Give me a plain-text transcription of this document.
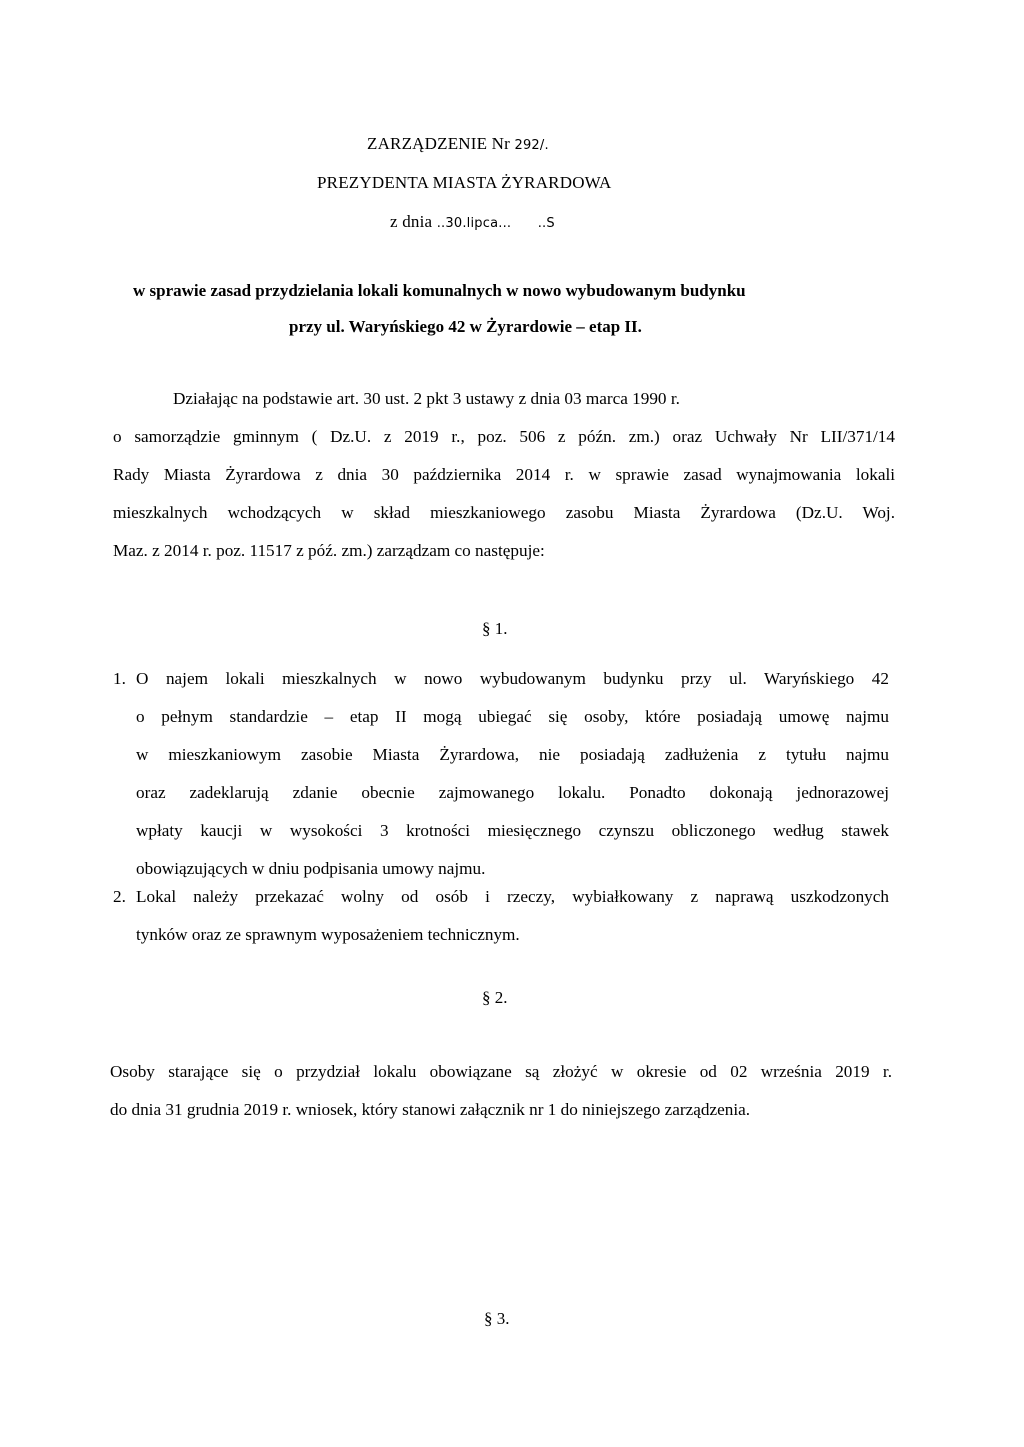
ZARZĄDZENIE Nr 292/.
PREZYDENTA MIASTA ŻYRARDOWA
z dnia ..30.lipca... ..S
w sprawie zasad przydzielania lokali komunalnych w nowo wybudowanym budynku
przy ul. Waryńskiego 42 w Żyrardowie – etap II.
Działając na podstawie art. 30 ust. 2 pkt 3 ustawy z dnia 03 marca 1990 r.
o samorządzie gminnym ( Dz.U. z 2019 r., poz. 506 z późn. zm.) oraz Uchwały Nr LII/371/14
Rady Miasta Żyrardowa z dnia 30 października 2014 r. w sprawie zasad wynajmowania lokali
mieszkalnych wchodzących w skład mieszkaniowego zasobu Miasta Żyrardowa (Dz.U. Woj.
Maz. z 2014 r. poz. 11517 z póź. zm.) zarządzam co następuje:
§ 1.
1. O najem lokali mieszkalnych w nowo wybudowanym budynku przy ul. Waryńskiego 42
o pełnym standardzie – etap II mogą ubiegać się osoby, które posiadają umowę najmu
w mieszkaniowym zasobie Miasta Żyrardowa, nie posiadają zadłużenia z tytułu najmu
oraz zadeklarują zdanie obecnie zajmowanego lokalu. Ponadto dokonają jednorazowej
wpłaty kaucji w wysokości 3 krotności miesięcznego czynszu obliczonego według stawek
obowiązujących w dniu podpisania umowy najmu.
2. Lokal należy przekazać wolny od osób i rzeczy, wybiałkowany z naprawą uszkodzonych
tynków oraz ze sprawnym wyposażeniem technicznym.
§ 2.
Osoby starające się o przydział lokalu obowiązane są złożyć w okresie od 02 września 2019 r.
do dnia 31 grudnia 2019 r. wniosek, który stanowi załącznik nr 1 do niniejszego zarządzenia.
§ 3.
